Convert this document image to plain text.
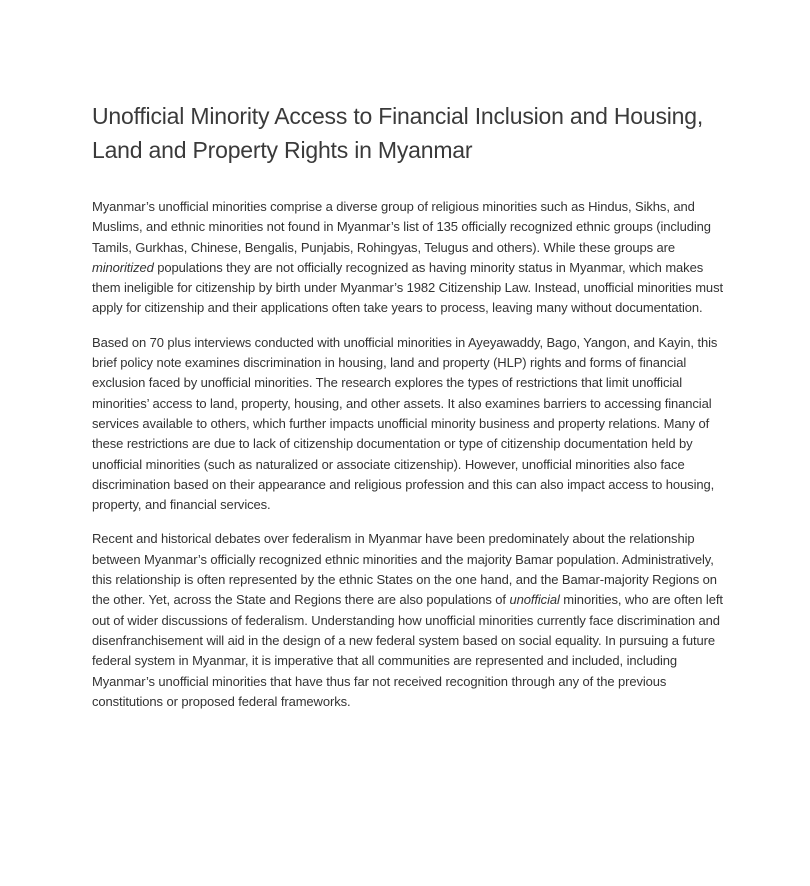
Unofficial Minority Access to Financial Inclusion and Housing, Land and Property Rights in Myanmar

Myanmar’s unofficial minorities comprise a diverse group of religious minorities such as Hindus, Sikhs, and Muslims, and ethnic minorities not found in Myanmar’s list of 135 officially recognized ethnic groups (including Tamils, Gurkhas, Chinese, Bengalis, Punjabis, Rohingyas, Telugus and others). While these groups are minoritized populations they are not officially recognized as having minority status in Myanmar, which makes them ineligible for citizenship by birth under Myanmar’s 1982 Citizenship Law. Instead, unofficial minorities must apply for citizenship and their applications often take years to process, leaving many without documentation.

Based on 70 plus interviews conducted with unofficial minorities in Ayeyawaddy, Bago, Yangon, and Kayin, this brief policy note examines discrimination in housing, land and property (HLP) rights and forms of financial exclusion faced by unofficial minorities. The research explores the types of restrictions that limit unofficial minorities’ access to land, property, housing, and other assets. It also examines barriers to accessing financial services available to others, which further impacts unofficial minority business and property relations. Many of these restrictions are due to lack of citizenship documentation or type of citizenship documentation held by unofficial minorities (such as naturalized or associate citizenship). However, unofficial minorities also face discrimination based on their appearance and religious profession and this can also impact access to housing, property, and financial services.

Recent and historical debates over federalism in Myanmar have been predominately about the relationship between Myanmar’s officially recognized ethnic minorities and the majority Bamar population. Administratively, this relationship is often represented by the ethnic States on the one hand, and the Bamar-majority Regions on the other. Yet, across the State and Regions there are also populations of unofficial minorities, who are often left out of wider discussions of federalism. Understanding how unofficial minorities currently face discrimination and disenfranchisement will aid in the design of a new federal system based on social equality. In pursuing a future federal system in Myanmar, it is imperative that all communities are represented and included, including Myanmar’s unofficial minorities that have thus far not received recognition through any of the previous constitutions or proposed federal frameworks.
